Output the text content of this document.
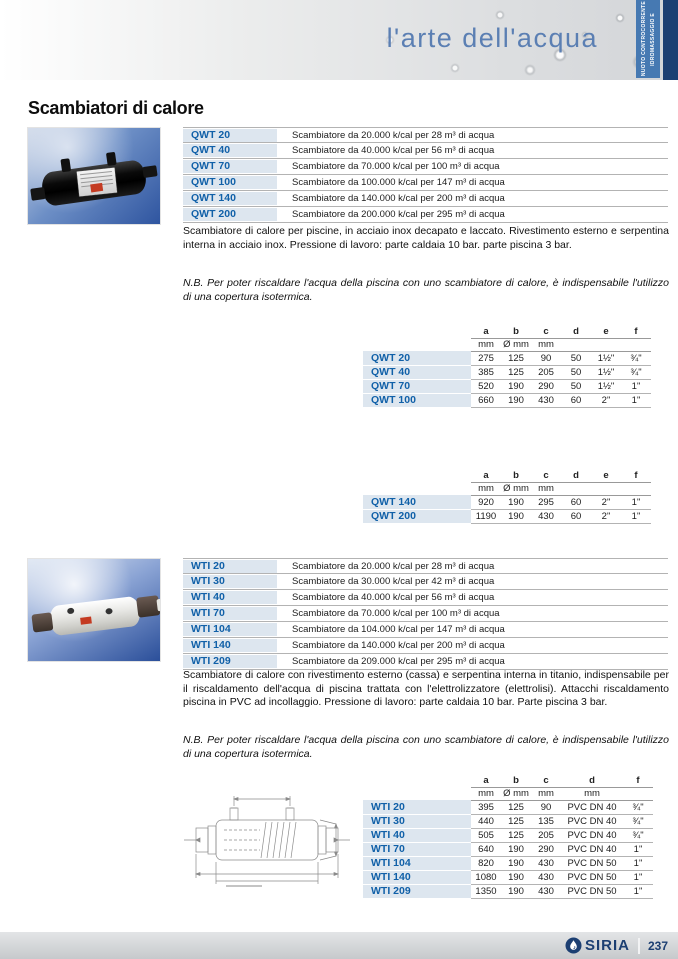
l'arte dell'acqua	NUOTO CONTROCORRENTE IDROMASSAGGIO E
Scambiatori di calore
QWT 20	Scambiatore da 20.000 k/cal per 28 m³ di acqua
QWT 40	Scambiatore da 40.000 k/cal per 56 m³ di acqua
QWT 70	Scambiatore da 70.000 k/cal per 100 m³ di acqua
QWT 100	Scambiatore da 100.000 k/cal per 147 m³ di acqua
QWT 140	Scambiatore da 140.000 k/cal per 200 m³ di acqua
QWT 200	Scambiatore da 200.000 k/cal per 295 m³ di acqua

Scambiatore di calore per piscine, in acciaio inox decapato e laccato. Rivestimento esterno e serpentina interna in acciaio inox. Pressione di lavoro: parte caldaia 10 bar. parte piscina 3 bar.

N.B. Per poter riscaldare l'acqua della piscina con uno scambiatore di calore, è indispensabile l'utilizzo di una copertura isotermica.

	a	b	c	d	e	f
	mm	Ø mm	mm			
QWT 20	275	125	90	50	1½"	¾"
QWT 40	385	125	205	50	1½"	¾"
QWT 70	520	190	290	50	1½"	1"
QWT 100	660	190	430	60	2"	1"
	a	b	c	d	e	f
	mm	Ø mm	mm			
QWT 140	920	190	295	60	2"	1"
QWT 200	1190	190	430	60	2"	1"
WTI 20	Scambiatore da 20.000 k/cal per 28 m³ di acqua
WTI 30	Scambiatore da 30.000 k/cal per 42 m³ di acqua
WTI 40	Scambiatore da 40.000 k/cal per 56 m³ di acqua
WTI 70	Scambiatore da 70.000 k/cal per 100 m³ di acqua
WTI 104	Scambiatore da 104.000 k/cal per 147 m³ di acqua
WTI 140	Scambiatore da 140.000 k/cal per 200 m³ di acqua
WTI 209	Scambiatore da 209.000 k/cal per 295 m³ di acqua

Scambiatore di calore con rivestimento esterno (cassa) e serpentina interna in titanio, indispensabile per il riscaldamento dell'acqua di piscina trattata con l'elettrolizzatore (elettrolisi). Attacchi riscaldamento piscina in PVC ad incollaggio. Pressione di lavoro: parte caldaia 10 bar. Parte piscina 3 bar.

N.B. Per poter riscaldare l'acqua della piscina con uno scambiatore di calore, è indispensabile l'utilizzo di una copertura isotermica.

	a	b	c	d	f
	mm	Ø mm	mm	mm	
WTI 20	395	125	90	PVC DN 40	¾"
WTI 30	440	125	135	PVC DN 40	¾"
WTI 40	505	125	205	PVC DN 40	¾"
WTI 70	640	190	290	PVC DN 40	1"
WTI 104	820	190	430	PVC DN 50	1"
WTI 140	1080	190	430	PVC DN 50	1"
WTI 209	1350	190	430	PVC DN 50	1"
SIRIA 237
